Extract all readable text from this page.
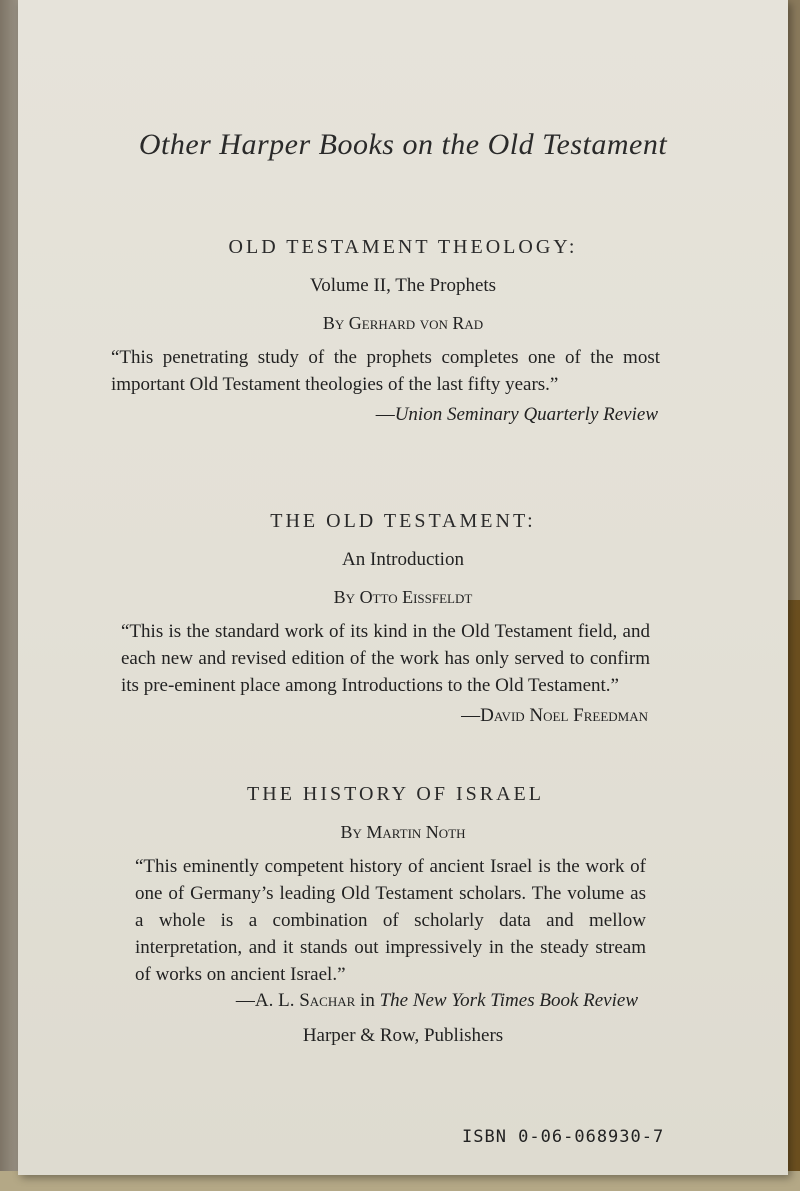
Other Harper Books on the Old Testament
OLD TESTAMENT THEOLOGY:
Volume II, The Prophets
By Gerhard von Rad
“This penetrating study of the prophets completes one of the most important Old Testament theologies of the last fifty years.”
—Union Seminary Quarterly Review
THE OLD TESTAMENT:
An Introduction
By Otto Eissfeldt
“This is the standard work of its kind in the Old Testament field, and each new and revised edition of the work has only served to confirm its pre-eminent place among Introductions to the Old Testament.”
—David Noel Freedman
THE HISTORY OF ISRAEL
By Martin Noth
“This eminently competent history of ancient Israel is the work of one of Germany’s leading Old Testament scholars. The volume as a whole is a combination of scholarly data and mellow interpretation, and it stands out impressively in the steady stream of works on ancient Israel.”
—A. L. Sachar in The New York Times Book Review
Harper & Row, Publishers
ISBN 0-06-068930-7
